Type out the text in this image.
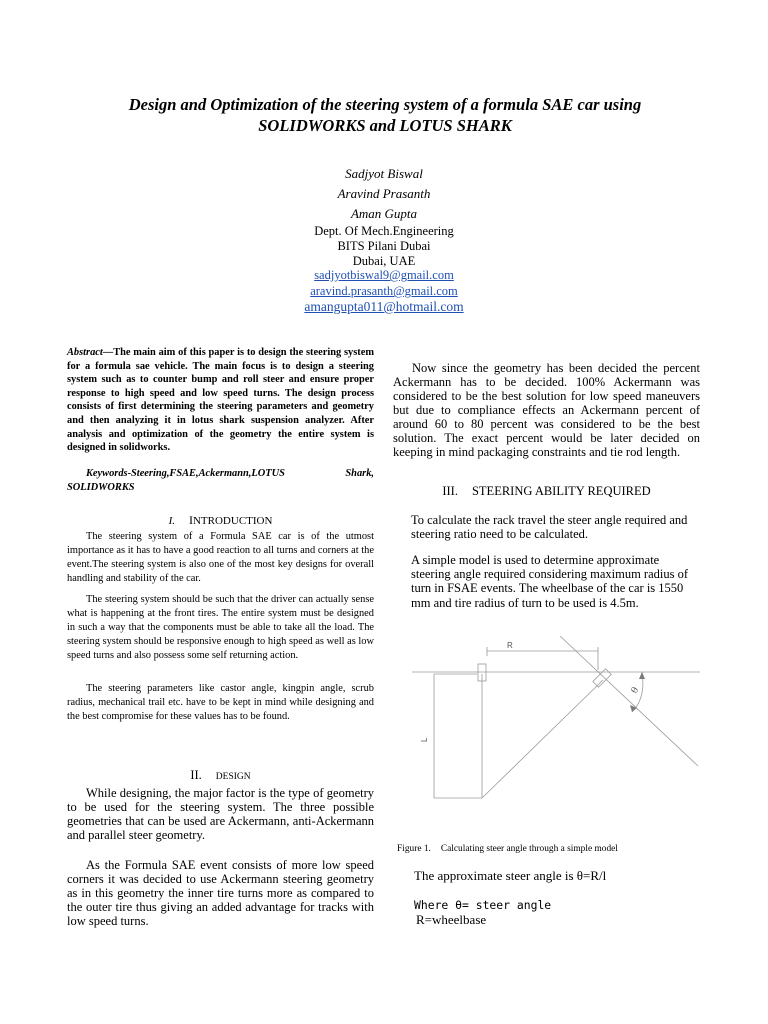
Design and Optimization of the steering system of a formula SAE car using SOLIDWORKS and LOTUS SHARK
Sadjyot Biswal
Aravind Prasanth
Aman Gupta
Dept. Of Mech.Engineering
BITS Pilani Dubai
Dubai, UAE
sadjyotbiswal9@gmail.com
aravind.prasanth@gmail.com
amangupta011@hotmail.com
Abstract—The main aim of this paper is to design the steering system for a formula sae vehicle. The main focus is to design a steering system such as to counter bump and roll steer and ensure proper response to high speed and low speed turns. The design process consists of first determining the steering parameters and geometry and then analyzing it in lotus shark suspension analyzer. After analysis and optimization of the geometry the entire system is designed in solidworks.
Keywords-Steering,FSAE,Ackermann,LOTUS Shark, SOLIDWORKS
I. INTRODUCTION
The steering system of a Formula SAE car is of the utmost importance as it has to have a good reaction to all turns and corners at the event.The steering system is also one of the most key designs for overall handling and stability of the car.
The steering system should be such that the driver can actually sense what is happening at the front tires. The entire system must be designed in such a way that the components must be able to take all the load. The steering system should be responsive enough to high speed as well as low speed turns and also possess some self returning action.
The steering parameters like castor angle, kingpin angle, scrub radius, mechanical trail etc. have to be kept in mind while designing and the best compromise for these values has to be found.
II. DESIGN
While designing, the major factor is the type of geometry to be used for the steering system. The three possible geometries that can be used are Ackermann, anti-Ackermann and parallel steer geometry.
As the Formula SAE event consists of more low speed corners it was decided to use Ackermann steering geometry as in this geometry the inner tire turns more as compared to the outer tire thus giving an added advantage for tracks with low speed turns.
Now since the geometry has been decided the percent Ackermann has to be decided. 100% Ackermann was considered to be the best solution for low speed maneuvers but due to compliance effects an Ackermann percent of around 60 to 80 percent was considered to be the best solution. The exact percent would be later decided on keeping in mind packaging constraints and tie rod length.
III. STEERING ABILITY REQUIRED
To calculate the rack travel the steer angle required and steering ratio need to be calculated.
A simple model is used to determine approximate steering angle required considering maximum radius of turn in FSAE events. The wheelbase of the car is 1550 mm and tire radius of turn to be used is 4.5m.
R
L
θ
Figure 1. Calculating steer angle through a simple model
The approximate steer angle is θ=R/l
Where θ= steer angle
R=wheelbase
